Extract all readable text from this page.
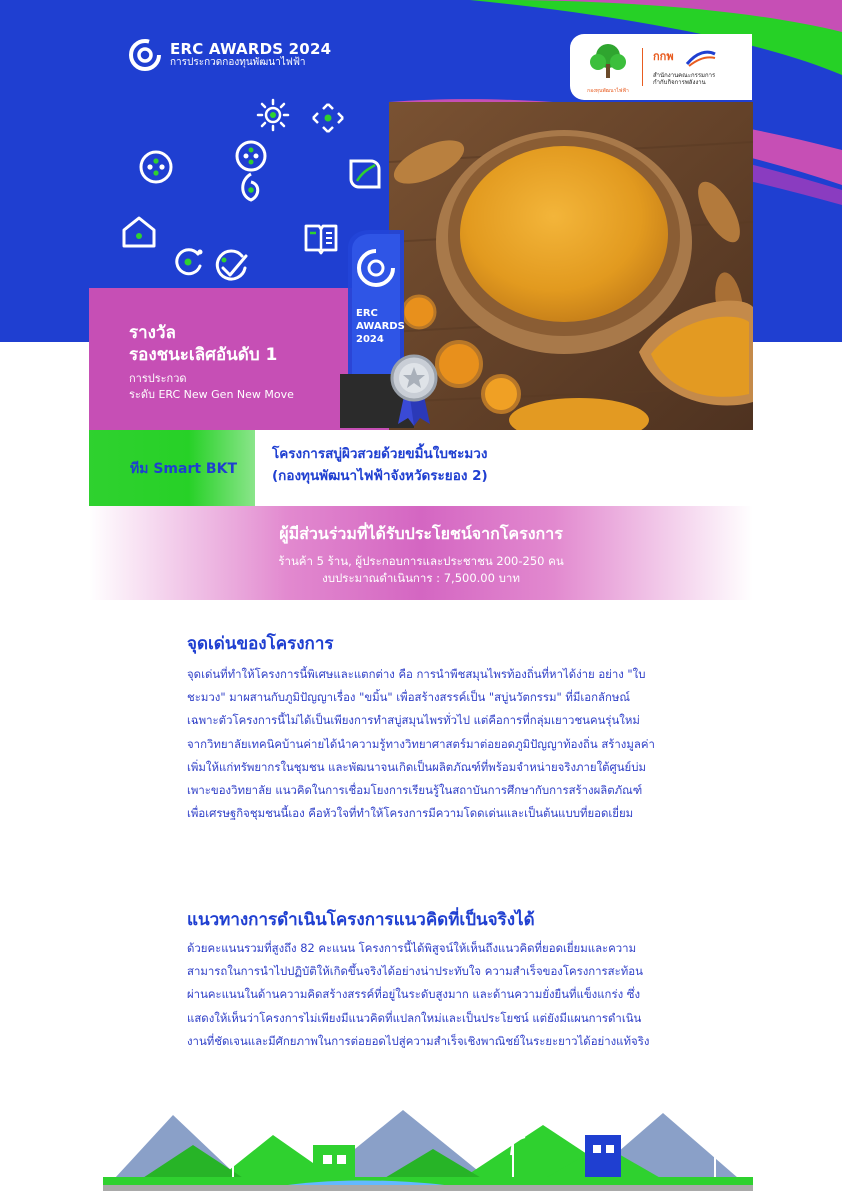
ERC AWARDS 2024
การประกวดกองทุนพัฒนาไฟฟ้า
กองทุนพัฒนาไฟฟ้า
กกพ
สำนักงานคณะกรรมการกำกับกิจการพลังงาน
รางวัล
รองชนะเลิศอันดับ 1
การประกวด
ระดับ ERC New Gen New Move
ERC
AWARDS
2024
ทีม Smart BKT
โครงการสบู่ผิวสวยด้วยขมิ้นใบชะมวง
(กองทุนพัฒนาไฟฟ้าจังหวัดระยอง 2)
ผู้มีส่วนร่วมที่ได้รับประโยชน์จากโครงการ
ร้านค้า 5 ร้าน, ผู้ประกอบการและประชาชน 200-250 คน
งบประมาณดำเนินการ : 7,500.00 บาท
จุดเด่นของโครงการ
จุดเด่นที่ทำให้โครงการนี้พิเศษและแตกต่าง คือ การนำพืชสมุนไพรท้องถิ่นที่หาได้ง่าย อย่าง "ใบชะมวง" มาผสานกับภูมิปัญญาเรื่อง "ขมิ้น" เพื่อสร้างสรรค์เป็น "สบู่นวัตกรรม" ที่มีเอกลักษณ์เฉพาะตัวโครงการนี้ไม่ได้เป็นเพียงการทำสบู่สมุนไพรทั่วไป แต่คือการที่กลุ่มเยาวชนคนรุ่นใหม่จากวิทยาลัยเทคนิคบ้านค่ายได้นำความรู้ทางวิทยาศาสตร์มาต่อยอดภูมิปัญญาท้องถิ่น สร้างมูลค่าเพิ่มให้แก่ทรัพยากรในชุมชน และพัฒนาจนเกิดเป็นผลิตภัณฑ์ที่พร้อมจำหน่ายจริงภายใต้ศูนย์บ่มเพาะของวิทยาลัย แนวคิดในการเชื่อมโยงการเรียนรู้ในสถาบันการศึกษากับการสร้างผลิตภัณฑ์เพื่อเศรษฐกิจชุมชนนี้เอง คือหัวใจที่ทำให้โครงการมีความโดดเด่นและเป็นต้นแบบที่ยอดเยี่ยม
แนวทางการดำเนินโครงการแนวคิดที่เป็นจริงได้
ด้วยคะแนนรวมที่สูงถึง 82 คะแนน โครงการนี้ได้พิสูจน์ให้เห็นถึงแนวคิดที่ยอดเยี่ยมและความสามารถในการนำไปปฏิบัติให้เกิดขึ้นจริงได้อย่างน่าประทับใจ ความสำเร็จของโครงการสะท้อนผ่านคะแนนในด้านความคิดสร้างสรรค์ที่อยู่ในระดับสูงมาก และด้านความยั่งยืนที่แข็งแกร่ง ซึ่งแสดงให้เห็นว่าโครงการไม่เพียงมีแนวคิดที่แปลกใหม่และเป็นประโยชน์ แต่ยังมีแผนการดำเนินงานที่ชัดเจนและมีศักยภาพในการต่อยอดไปสู่ความสำเร็จเชิงพาณิชย์ในระยะยาวได้อย่างแท้จริง
